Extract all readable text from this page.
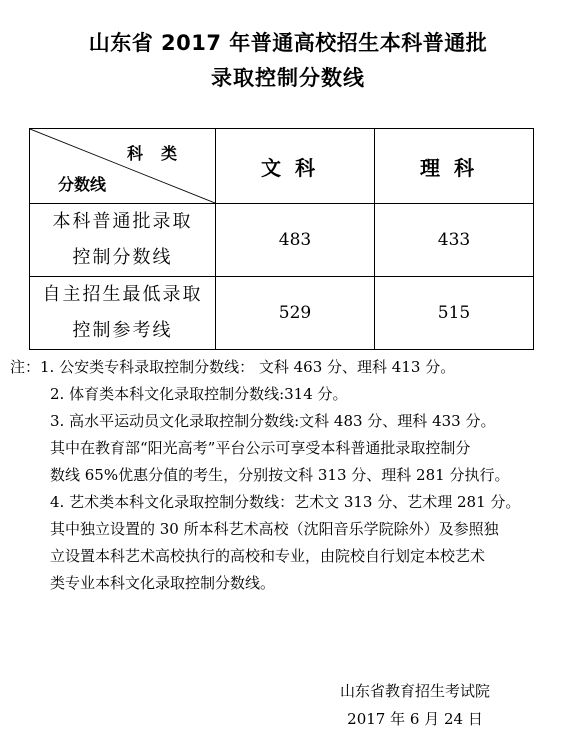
山东省 2017 年普通高校招生本科普通批
录取控制分数线
科类
分数线	文科	理科

本科普通批录取
控制分数线	483	433

自主招生最低录取
控制参考线	529	515
注：1. 公安类专科录取控制分数线： 文科 463 分、理科 413 分。
2. 体育类本科文化录取控制分数线:314 分。
3. 高水平运动员文化录取控制分数线:文科 483 分、理科 433 分。
其中在教育部“阳光高考”平台公示可享受本科普通批录取控制分
数线 65%优惠分值的考生，分别按文科 313 分、理科 281 分执行。
4. 艺术类本科文化录取控制分数线：艺术文 313 分、艺术理 281 分。
其中独立设置的 30 所本科艺术高校（沈阳音乐学院除外）及参照独
立设置本科艺术高校执行的高校和专业，由院校自行划定本校艺术
类专业本科文化录取控制分数线。
山东省教育招生考试院
2017 年 6 月 24 日
